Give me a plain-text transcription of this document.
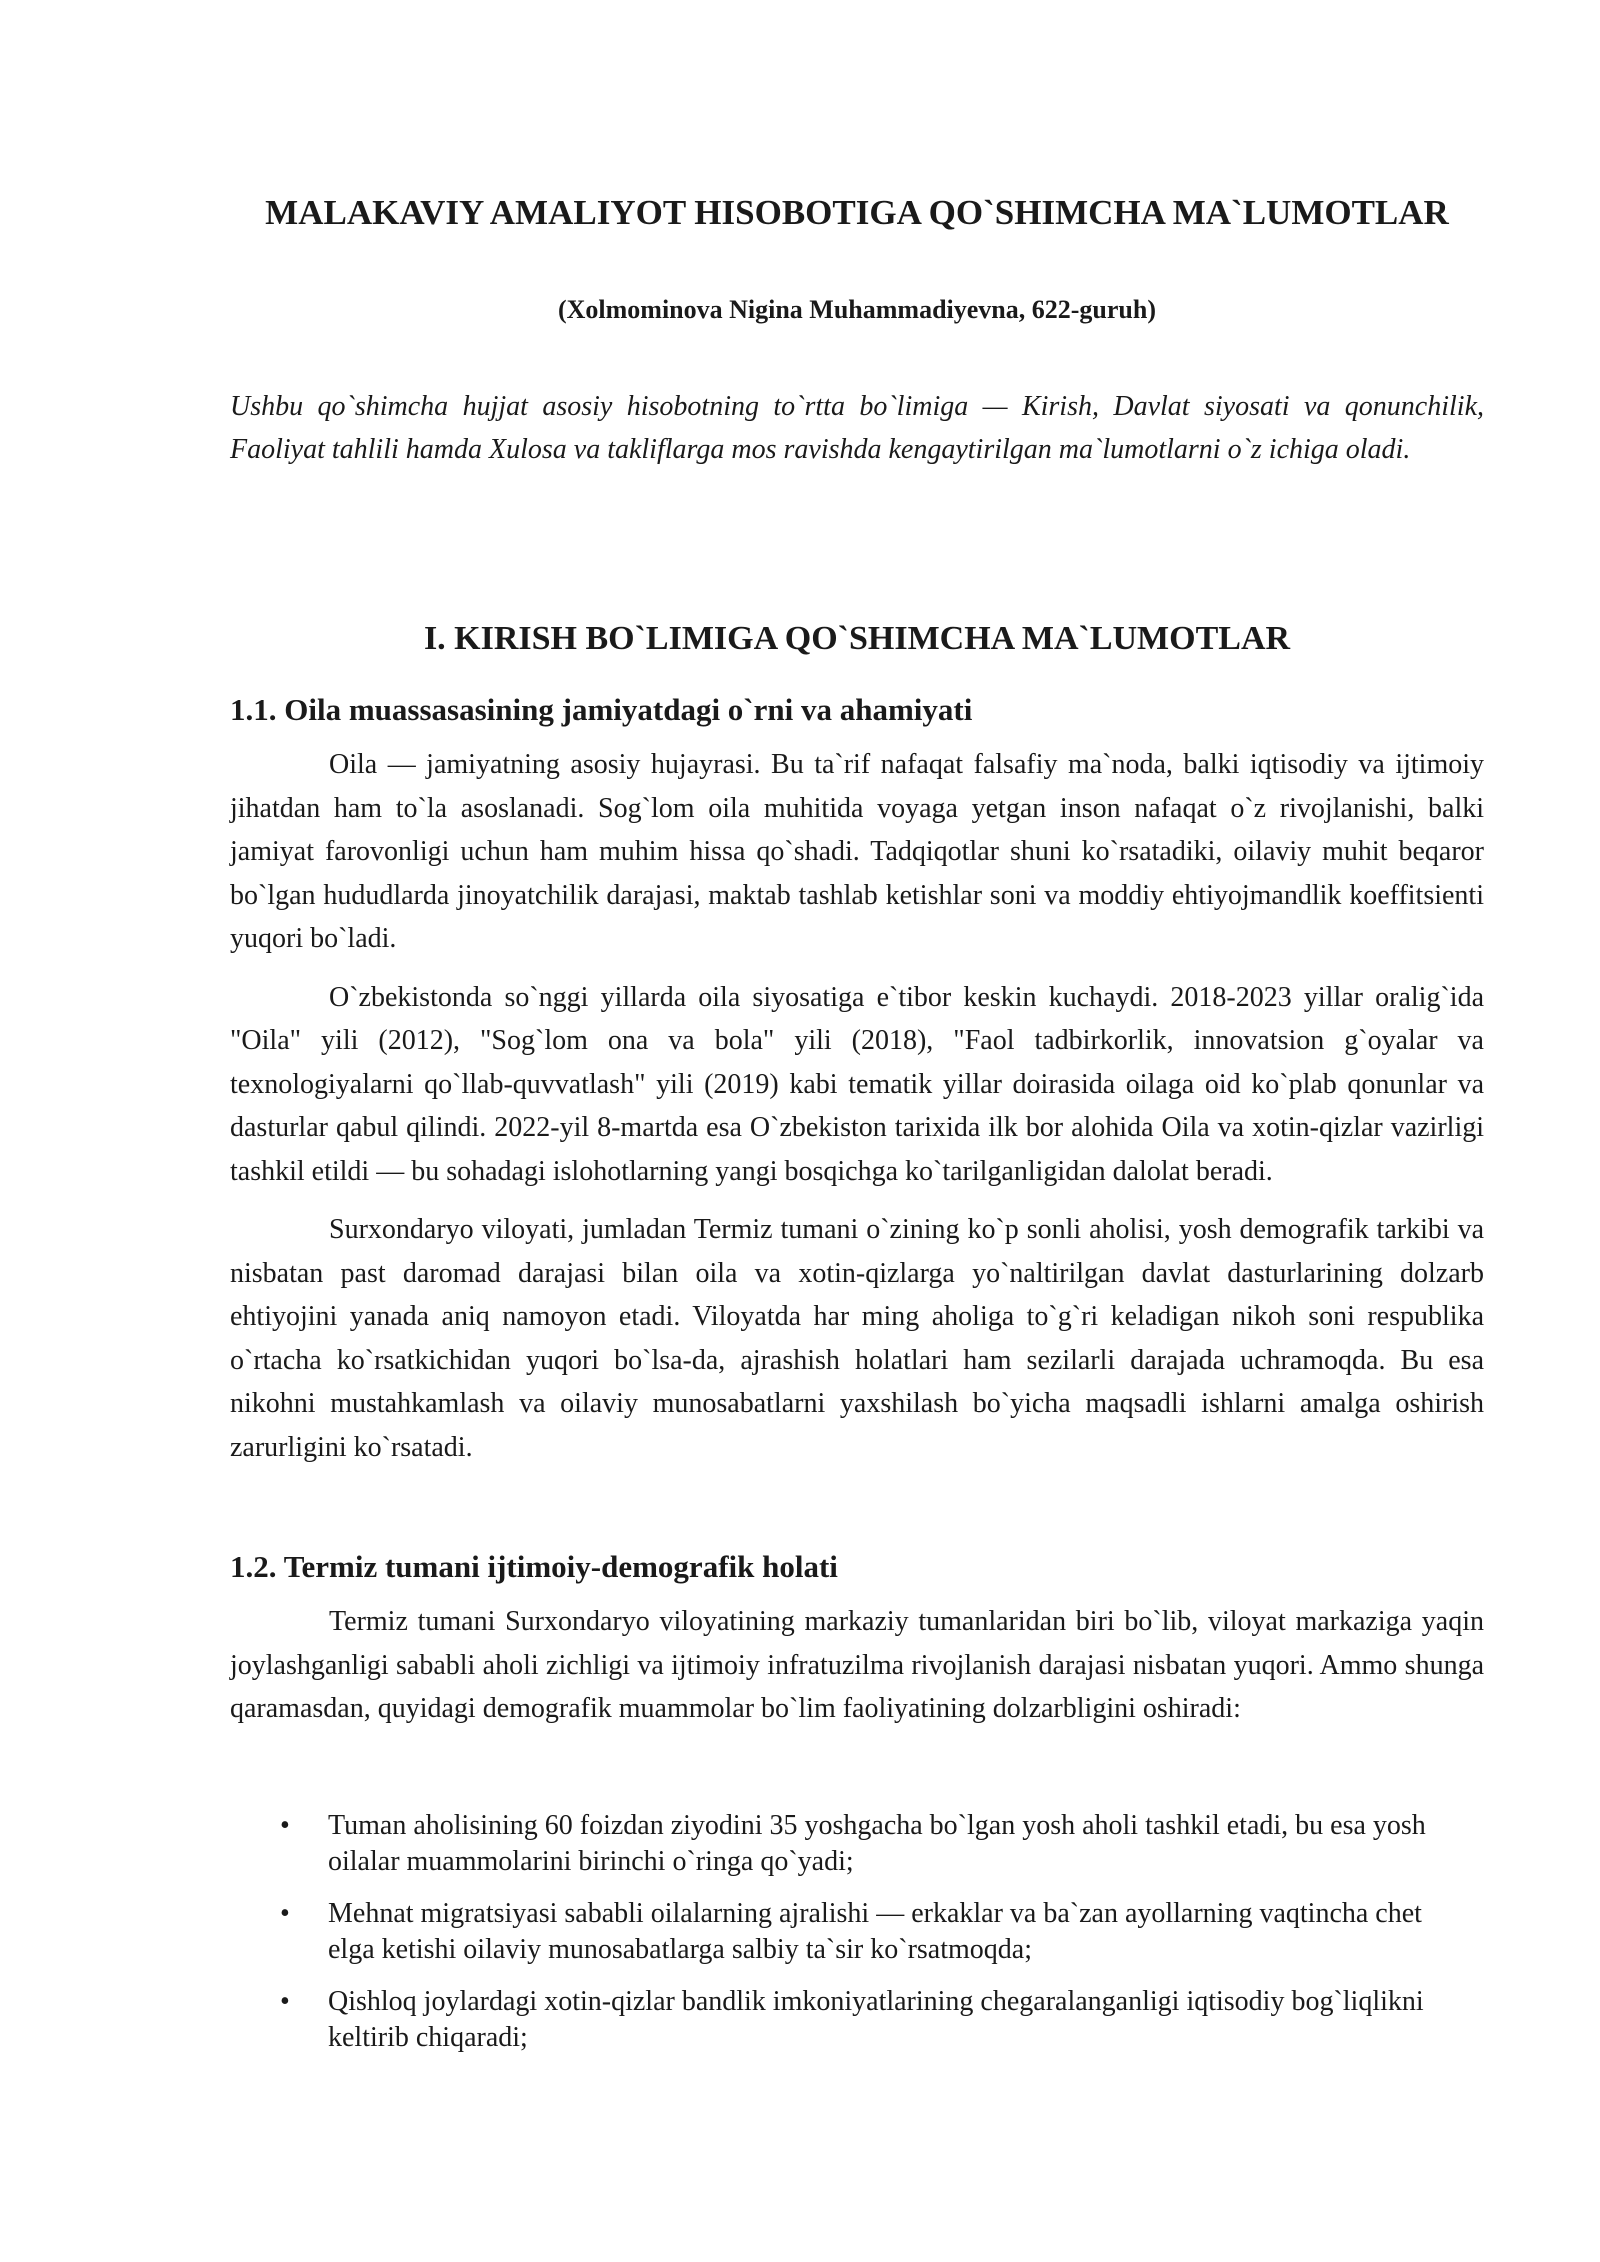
MALAKAVIY AMALIYOT HISOBOTIGA QO`SHIMCHA MA`LUMOTLAR

(Xolmominova Nigina Muhammadiyevna, 622-guruh)

Ushbu qo`shimcha hujjat asosiy hisobotning to`rtta bo`limiga — Kirish, Davlat siyosati va qonunchilik, Faoliyat tahlili hamda Xulosa va takliflarga mos ravishda kengaytirilgan ma`lumotlarni o`z ichiga oladi.

I. KIRISH BO`LIMIGA QO`SHIMCHA MA`LUMOTLAR
1.1. Oila muassasasining jamiyatdagi o`rni va ahamiyati

Oila — jamiyatning asosiy hujayrasi. Bu ta`rif nafaqat falsafiy ma`noda, balki iqtisodiy va ijtimoiy jihatdan ham to`la asoslanadi. Sog`lom oila muhitida voyaga yetgan inson nafaqat o`z rivojlanishi, balki jamiyat farovonligi uchun ham muhim hissa qo`shadi. Tadqiqotlar shuni ko`rsatadiki, oilaviy muhit beqaror bo`lgan hududlarda jinoyatchilik darajasi, maktab tashlab ketishlar soni va moddiy ehtiyojmandlik koeffitsienti yuqori bo`ladi.

O`zbekistonda so`nggi yillarda oila siyosatiga e`tibor keskin kuchaydi. 2018-2023 yillar oralig`ida "Oila" yili (2012), "Sog`lom ona va bola" yili (2018), "Faol tadbirkorlik, innovatsion g`oyalar va texnologiyalarni qo`llab-quvvatlash" yili (2019) kabi tematik yillar doirasida oilaga oid ko`plab qonunlar va dasturlar qabul qilindi. 2022-yil 8-martda esa O`zbekiston tarixida ilk bor alohida Oila va xotin-qizlar vazirligi tashkil etildi — bu sohadagi islohotlarning yangi bosqichga ko`tarilganligidan dalolat beradi.

Surxondaryo viloyati, jumladan Termiz tumani o`zining ko`p sonli aholisi, yosh demografik tarkibi va nisbatan past daromad darajasi bilan oila va xotin-qizlarga yo`naltirilgan davlat dasturlarining dolzarb ehtiyojini yanada aniq namoyon etadi. Viloyatda har ming aholiga to`g`ri keladigan nikoh soni respublika o`rtacha ko`rsatkichidan yuqori bo`lsa-da, ajrashish holatlari ham sezilarli darajada uchramoqda. Bu esa nikohni mustahkamlash va oilaviy munosabatlarni yaxshilash bo`yicha maqsadli ishlarni amalga oshirish zarurligini ko`rsatadi.

1.2. Termiz tumani ijtimoiy-demografik holati

Termiz tumani Surxondaryo viloyatining markaziy tumanlaridan biri bo`lib, viloyat markaziga yaqin joylashganligi sababli aholi zichligi va ijtimoiy infratuzilma rivojlanish darajasi nisbatan yuqori. Ammo shunga qaramasdan, quyidagi demografik muammolar bo`lim faoliyatining dolzarbligini oshiradi:

• Tuman aholisining 60 foizdan ziyodini 35 yoshgacha bo`lgan yosh aholi tashkil etadi, bu esa yosh oilalar muammolarini birinchi o`ringa qo`yadi;
• Mehnat migratsiyasi sababli oilalarning ajralishi — erkaklar va ba`zan ayollarning vaqtincha chet elga ketishi oilaviy munosabatlarga salbiy ta`sir ko`rsatmoqda;
• Qishloq joylardagi xotin-qizlar bandlik imkoniyatlarining chegaralanganligi iqtisodiy bog`liqlikni keltirib chiqaradi;
